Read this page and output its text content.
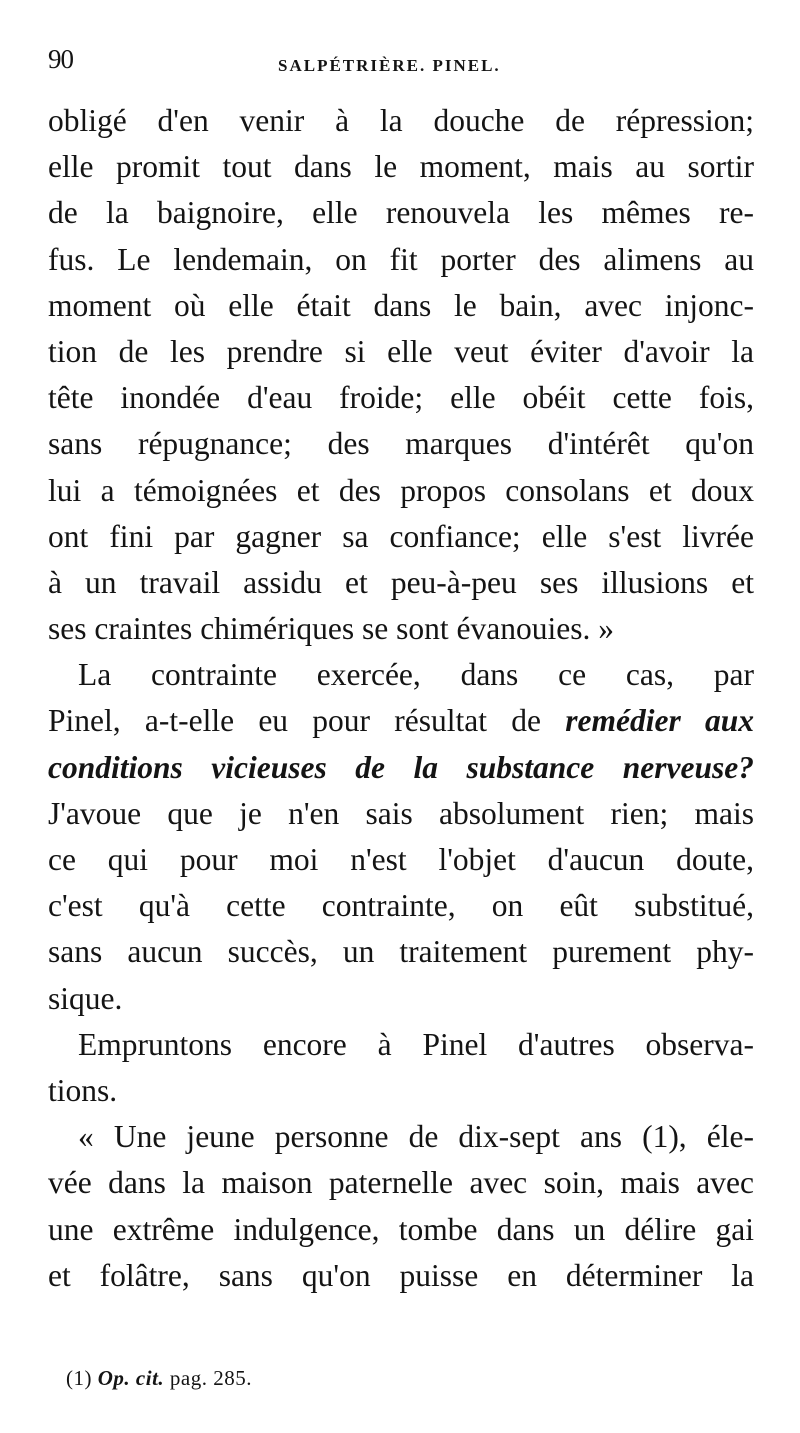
90	SALPÉTRIÈRE. PINEL.
obligé d'en venir à la douche de répression;
elle promit tout dans le moment, mais au sortir
de la baignoire, elle renouvela les mêmes re-
fus. Le lendemain, on fit porter des alimens au
moment où elle était dans le bain, avec injonc-
tion de les prendre si elle veut éviter d'avoir la
tête inondée d'eau froide; elle obéit cette fois,
sans répugnance; des marques d'intérêt qu'on
lui a témoignées et des propos consolans et doux
ont fini par gagner sa confiance; elle s'est livrée
à un travail assidu et peu-à-peu ses illusions et
ses craintes chimériques se sont évanouies. »
La contrainte exercée, dans ce cas, par
Pinel, a-t-elle eu pour résultat de remédier aux
conditions vicieuses de la substance nerveuse?
J'avoue que je n'en sais absolument rien; mais
ce qui pour moi n'est l'objet d'aucun doute,
c'est qu'à cette contrainte, on eût substitué,
sans aucun succès, un traitement purement phy-
sique.
Empruntons encore à Pinel d'autres observa-
tions.
« Une jeune personne de dix-sept ans (1), éle-
vée dans la maison paternelle avec soin, mais avec
une extrême indulgence, tombe dans un délire gai
et folâtre, sans qu'on puisse en déterminer la
(1) Op. cit. pag. 285.
